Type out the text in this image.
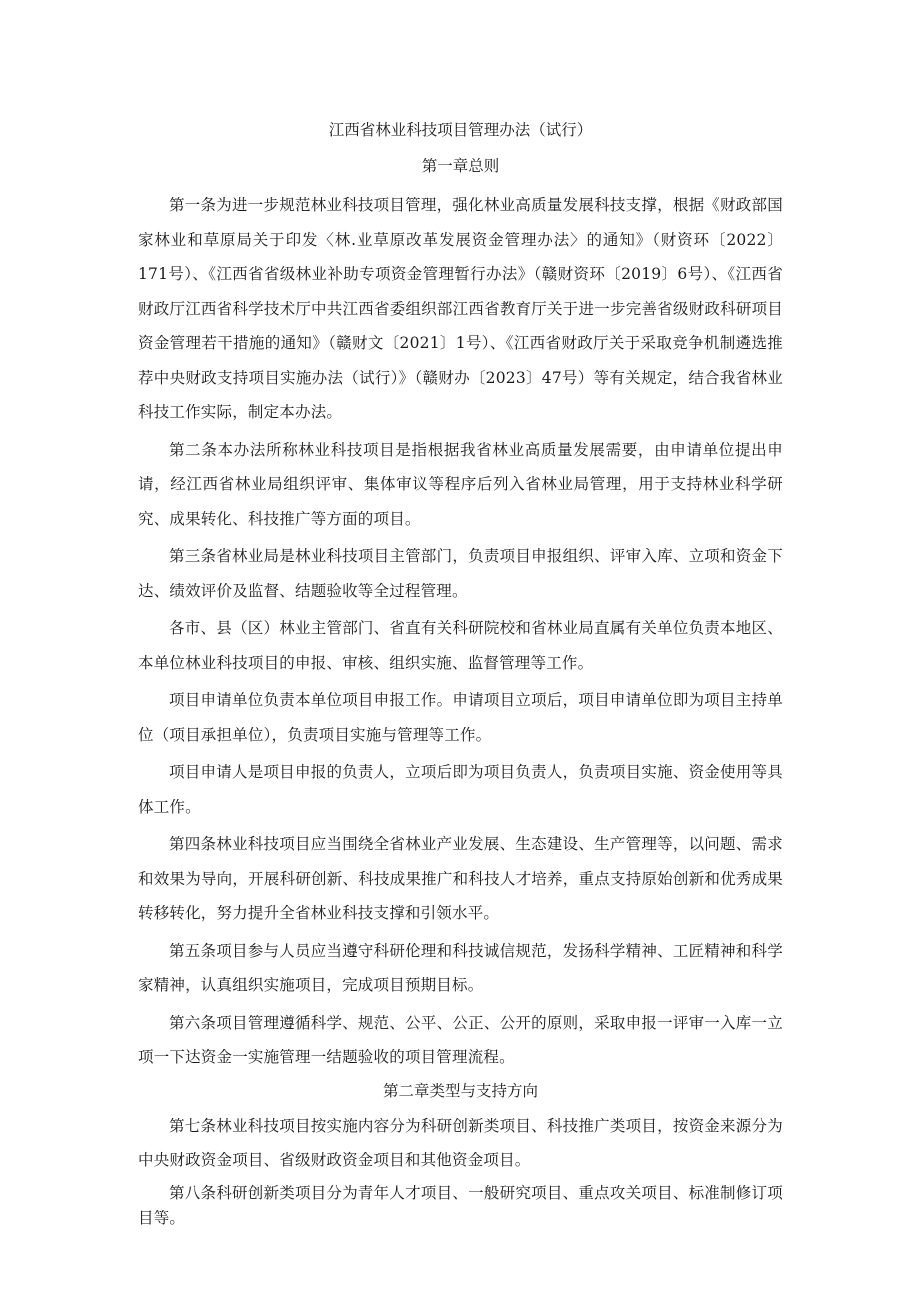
江西省林业科技项目管理办法（试行）
第一章总则

第一条为进一步规范林业科技项目管理，强化林业高质量发展科技支撑，根据《财政部国家林业和草原局关于印发〈林.业草原改革发展资金管理办法〉的通知》（财资环〔2022〕171号）、《江西省省级林业补助专项资金管理暂行办法》（赣财资环〔2019〕6号）、《江西省财政厅江西省科学技术厅中共江西省委组织部江西省教育厅关于进一步完善省级财政科研项目资金管理若干措施的通知》（赣财文〔2021〕1号）、《江西省财政厅关于采取竞争机制遴选推荐中央财政支持项目实施办法（试行）》（赣财办〔2023〕47号）等有关规定，结合我省林业科技工作实际，制定本办法。

第二条本办法所称林业科技项目是指根据我省林业高质量发展需要，由申请单位提出申请，经江西省林业局组织评审、集体审议等程序后列入省林业局管理，用于支持林业科学研究、成果转化、科技推广等方面的项目。

第三条省林业局是林业科技项目主管部门，负责项目申报组织、评审入库、立项和资金下达、绩效评价及监督、结题验收等全过程管理。

各市、县（区）林业主管部门、省直有关科研院校和省林业局直属有关单位负责本地区、本单位林业科技项目的申报、审核、组织实施、监督管理等工作。

项目申请单位负责本单位项目申报工作。申请项目立项后，项目申请单位即为项目主持单位（项目承担单位），负责项目实施与管理等工作。

项目申请人是项目申报的负责人，立项后即为项目负责人，负责项目实施、资金使用等具体工作。

第四条林业科技项目应当围绕全省林业产业发展、生态建设、生产管理等，以问题、需求和效果为导向，开展科研创新、科技成果推广和科技人才培养，重点支持原始创新和优秀成果转移转化，努力提升全省林业科技支撑和引领水平。

第五条项目参与人员应当遵守科研伦理和科技诚信规范，发扬科学精神、工匠精神和科学家精神，认真组织实施项目，完成项目预期目标。

第六条项目管理遵循科学、规范、公平、公正、公开的原则，采取申报一评审一入库一立项一下达资金一实施管理一结题验收的项目管理流程。

第二章类型与支持方向

第七条林业科技项目按实施内容分为科研创新类项目、科技推广类项目，按资金来源分为中央财政资金项目、省级财政资金项目和其他资金项目。

第八条科研创新类项目分为青年人才项目、一般研究项目、重点攻关项目、标准制修订项目等。
